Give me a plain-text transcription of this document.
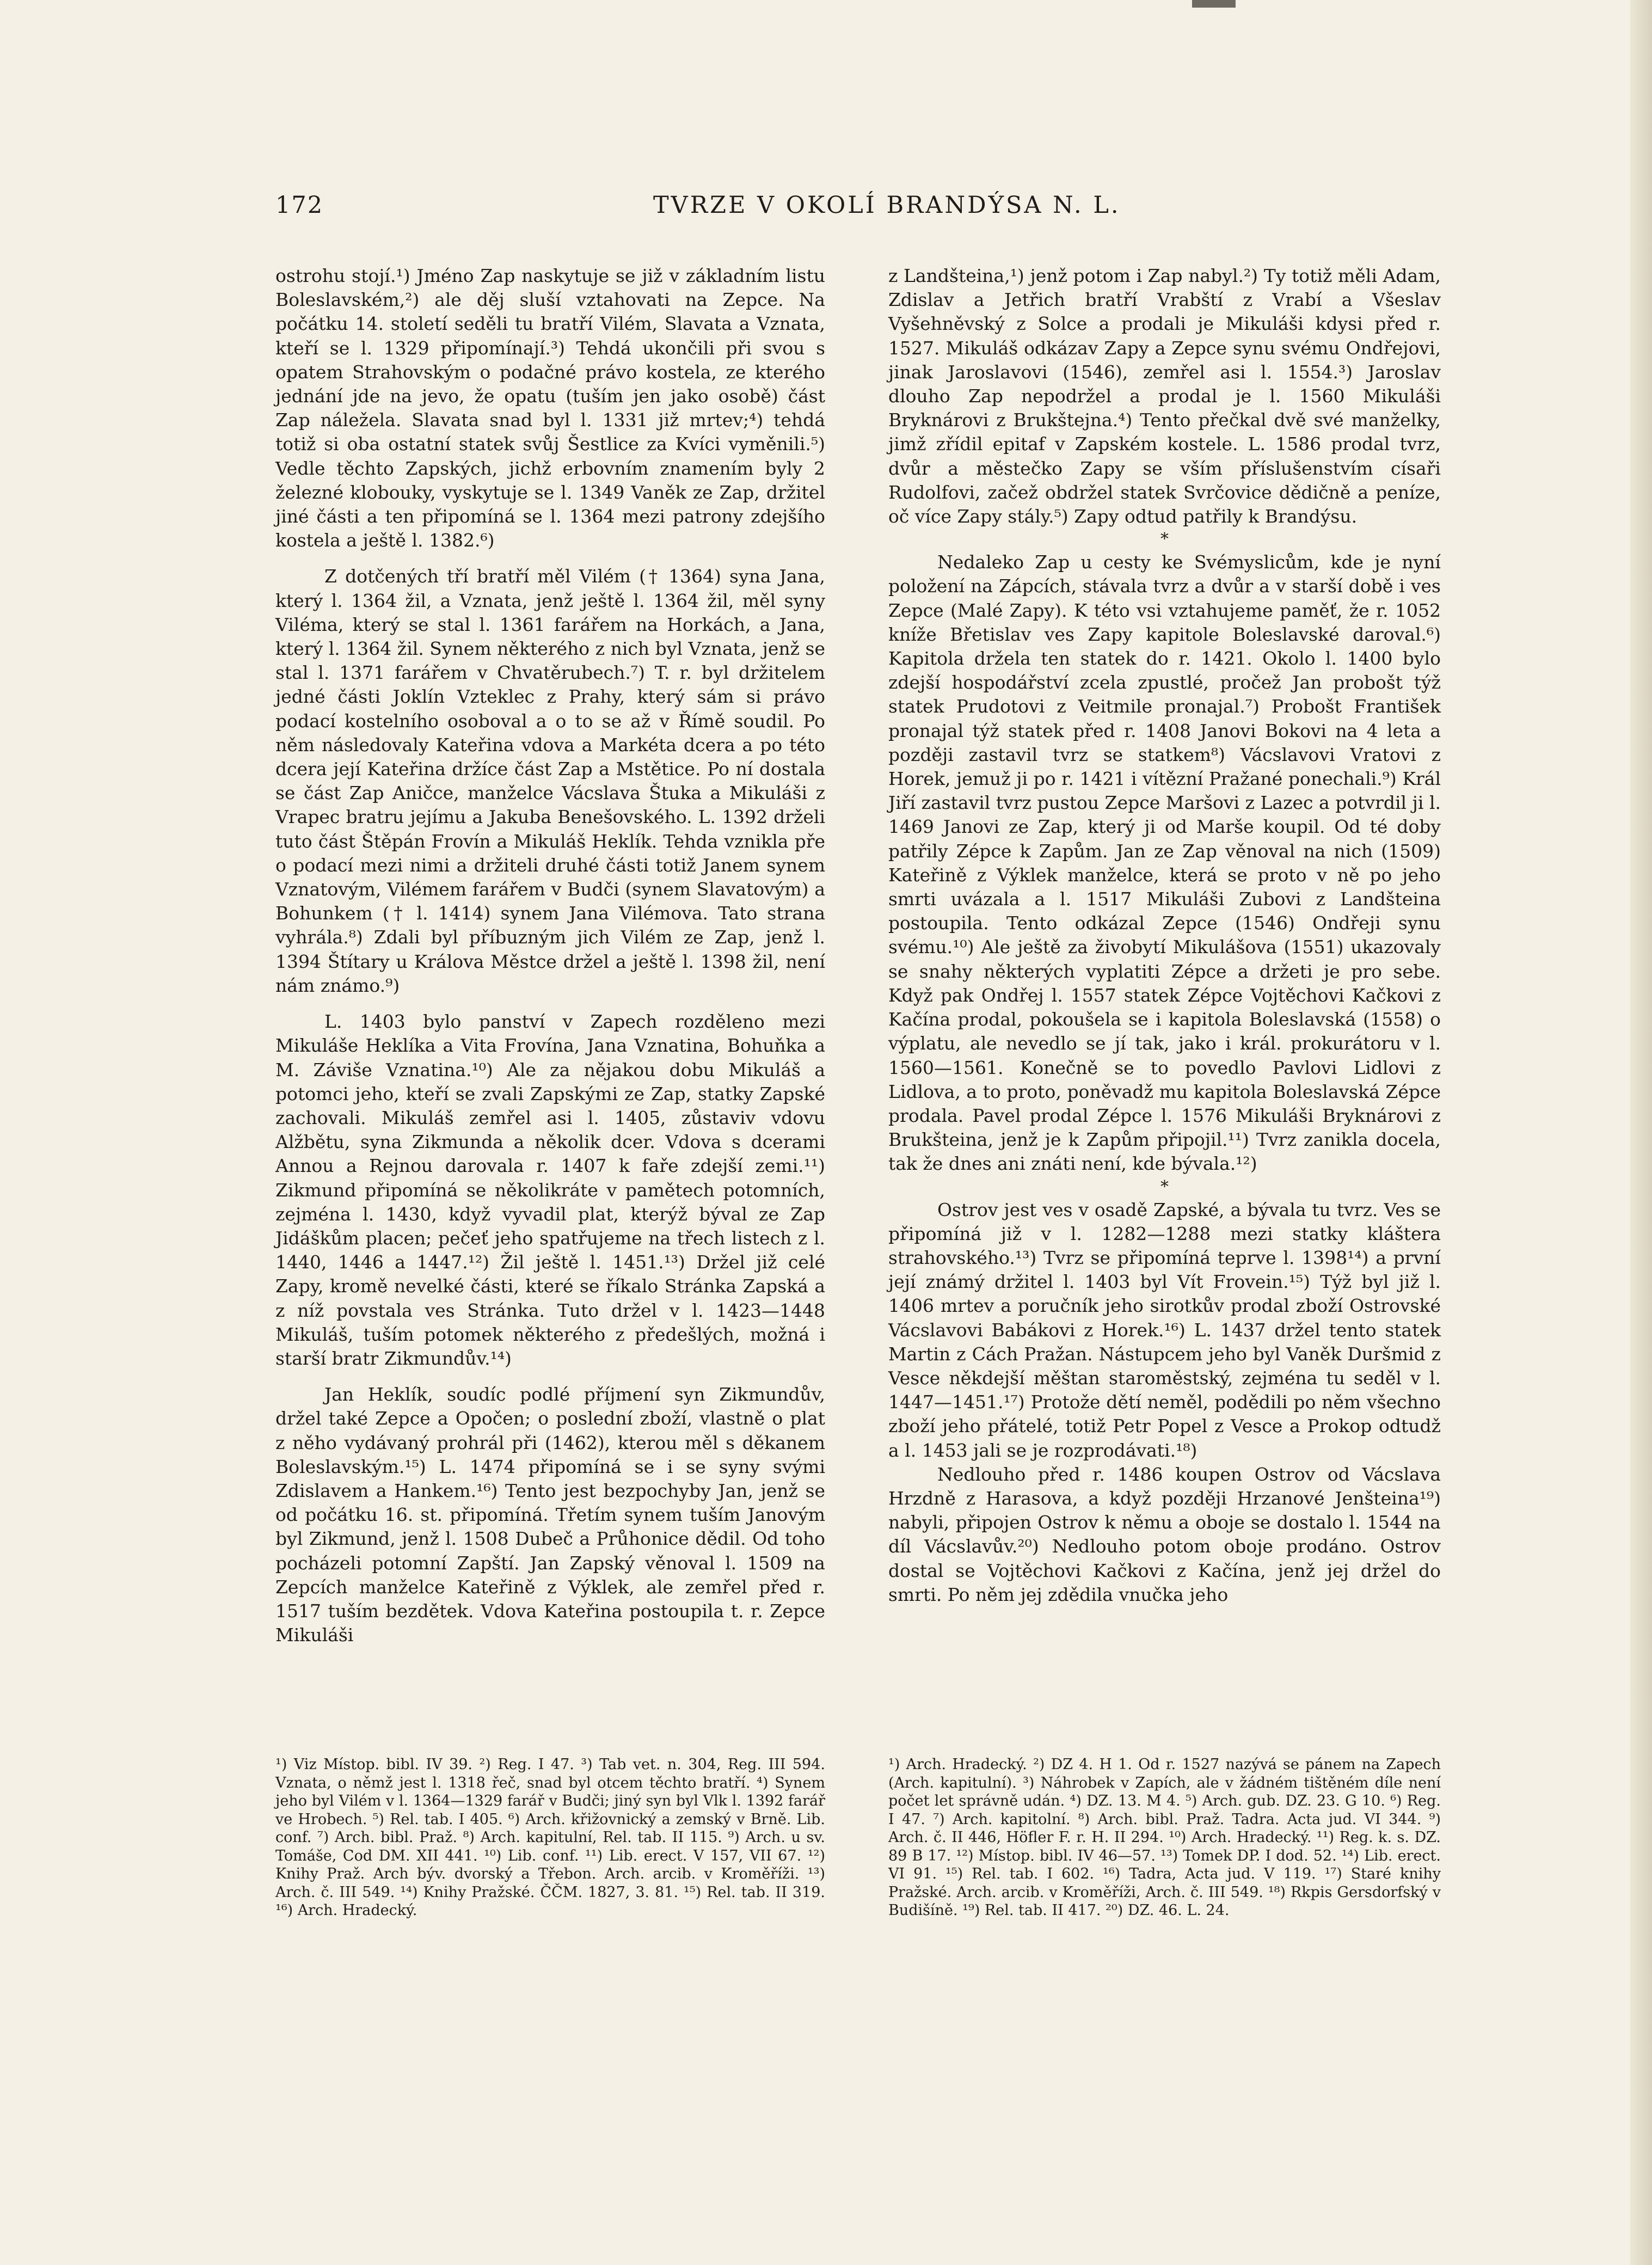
172	TVRZE V OKOLÍ BRANDÝSA N. L.

ostrohu stojí.¹) Jméno Zap naskytuje se již v základním listu Boleslavském,²) ale děj sluší vztahovati na Zepce. Na počátku 14. století seděli tu bratří Vilém, Slavata a Vznata, kteří se l. 1329 připomínají.³) Tehdá ukončili při svou s opatem Strahovským o podačné právo kostela, ze kterého jednání jde na jevo, že opatu (tuším jen jako osobě) část Zap náležela. Slavata snad byl l. 1331 již mrtev;⁴) tehdá totiž si oba ostatní statek svůj Šestlice za Kvíci vyměnili.⁵) Vedle těchto Zapských, jichž erbovním znamením byly 2 železné klobouky, vyskytuje se l. 1349 Vaněk ze Zap, držitel jiné části a ten připomíná se l. 1364 mezi patrony zdejšího kostela a ještě l. 1382.⁶)

Z dotčených tří bratří měl Vilém († 1364) syna Jana, který l. 1364 žil, a Vznata, jenž ještě l. 1364 žil, měl syny Viléma, který se stal l. 1361 farářem na Horkách, a Jana, který l. 1364 žil. Synem některého z nich byl Vznata, jenž se stal l. 1371 farářem v Chvatěrubech.⁷) T. r. byl držitelem jedné části Joklín Vzteklec z Prahy, který sám si právo podací kostelního osoboval a o to se až v Římě soudil. Po něm následovaly Kateřina vdova a Markéta dcera a po této dcera její Kateřina držíce část Zap a Mstětice. Po ní dostala se část Zap Aničce, manželce Vácslava Štuka a Mikuláši z Vrapec bratru jejímu a Jakuba Benešovského. L. 1392 drželi tuto část Štěpán Frovín a Mikuláš Heklík. Tehda vznikla pře o podací mezi nimi a držiteli druhé části totiž Janem synem Vznatovým, Vilémem farářem v Budči (synem Slavatovým) a Bohunkem († l. 1414) synem Jana Vilémova. Tato strana vyhrála.⁸) Zdali byl příbuzným jich Vilém ze Zap, jenž l. 1394 Štítary u Králova Městce držel a ještě l. 1398 žil, není nám známo.⁹)

L. 1403 bylo panství v Zapech rozděleno mezi Mikuláše Heklíka a Vita Frovína, Jana Vznatina, Bohuňka a M. Záviše Vznatina.¹⁰) Ale za nějakou dobu Mikuláš a potomci jeho, kteří se zvali Zapskými ze Zap, statky Zapské zachovali. Mikuláš zemřel asi l. 1405, zůstaviv vdovu Alžbětu, syna Zikmunda a několik dcer. Vdova s dcerami Annou a Rejnou darovala r. 1407 k faře zdejší zemi.¹¹) Zikmund připomíná se několikráte v pamětech potomních, zejména l. 1430, když vyvadil plat, kterýž býval ze Zap Jidáškům placen; pečeť jeho spatřujeme na třech listech z l. 1440, 1446 a 1447.¹²) Žil ještě l. 1451.¹³) Držel již celé Zapy, kromě nevelké části, které se říkalo Stránka Zapská a z níž povstala ves Stránka. Tuto držel v l. 1423—1448 Mikuláš, tuším potomek některého z předešlých, možná i starší bratr Zikmundův.¹⁴)

Jan Heklík, soudíc podlé příjmení syn Zikmundův, držel také Zepce a Opočen; o poslední zboží, vlastně o plat z něho vydávaný prohrál při (1462), kterou měl s děkanem Boleslavským.¹⁵) L. 1474 připomíná se i se syny svými Zdislavem a Hankem.¹⁶) Tento jest bezpochyby Jan, jenž se od počátku 16. st. připomíná. Třetím synem tuším Janovým byl Zikmund, jenž l. 1508 Dubeč a Průhonice dědil. Od toho pocházeli potomní Zapští. Jan Zapský věnoval l. 1509 na Zepcích manželce Kateřině z Výklek, ale zemřel před r. 1517 tuším bezdětek. Vdova Kateřina postoupila t. r. Zepce Mikuláši

z Landšteina,¹) jenž potom i Zap nabyl.²) Ty totiž měli Adam, Zdislav a Jetřich bratří Vrabští z Vrabí a Všeslav Vyšehněvský z Solce a prodali je Mikuláši kdysi před r. 1527. Mikuláš odkázav Zapy a Zepce synu svému Ondřejovi, jinak Jaroslavovi (1546), zemřel asi l. 1554.³) Jaroslav dlouho Zap nepodržel a prodal je l. 1560 Mikuláši Bryknárovi z Brukštejna.⁴) Tento přečkal dvě své manželky, jimž zřídil epitaf v Zapském kostele. L. 1586 prodal tvrz, dvůr a městečko Zapy se vším příslušenstvím císaři Rudolfovi, začež obdržel statek Svrčovice dědičně a peníze, oč více Zapy stály.⁵) Zapy odtud patřily k Brandýsu.

*

Nedaleko Zap u cesty ke Svémyslicům, kde je nyní položení na Zápcích, stávala tvrz a dvůr a v starší době i ves Zepce (Malé Zapy). K této vsi vztahujeme paměť, že r. 1052 kníže Břetislav ves Zapy kapitole Boleslavské daroval.⁶) Kapitola držela ten statek do r. 1421. Okolo l. 1400 bylo zdejší hospodářství zcela zpustlé, pročež Jan probošt týž statek Prudotovi z Veitmile pronajal.⁷) Probošt František pronajal týž statek před r. 1408 Janovi Bokovi na 4 leta a později zastavil tvrz se statkem⁸) Vácslavovi Vratovi z Horek, jemuž ji po r. 1421 i vítězní Pražané ponechali.⁹) Král Jiří zastavil tvrz pustou Zepce Maršovi z Lazec a potvrdil ji l. 1469 Janovi ze Zap, který ji od Marše koupil. Od té doby patřily Zépce k Zapům. Jan ze Zap věnoval na nich (1509) Kateřině z Výklek manželce, která se proto v ně po jeho smrti uvázala a l. 1517 Mikuláši Zubovi z Landšteina postoupila. Tento odkázal Zepce (1546) Ondřeji synu svému.¹⁰) Ale ještě za živobytí Mikulášova (1551) ukazovaly se snahy některých vyplatiti Zépce a držeti je pro sebe. Když pak Ondřej l. 1557 statek Zépce Vojtěchovi Kačkovi z Kačína prodal, pokoušela se i kapitola Boleslavská (1558) o výplatu, ale nevedlo se jí tak, jako i král. prokurátoru v l. 1560—1561. Konečně se to povedlo Pavlovi Lidlovi z Lidlova, a to proto, poněvadž mu kapitola Boleslavská Zépce prodala. Pavel prodal Zépce l. 1576 Mikuláši Bryknárovi z Brukšteina, jenž je k Zapům připojil.¹¹) Tvrz zanikla docela, tak že dnes ani znáti není, kde bývala.¹²)

*

Ostrov jest ves v osadě Zapské, a bývala tu tvrz. Ves se připomíná již v l. 1282—1288 mezi statky kláštera strahovského.¹³) Tvrz se připomíná teprve l. 1398¹⁴) a první její známý držitel l. 1403 byl Vít Frovein.¹⁵) Týž byl již l. 1406 mrtev a poručník jeho sirotkův prodal zboží Ostrovské Vácslavovi Babákovi z Horek.¹⁶) L. 1437 držel tento statek Martin z Cách Pražan. Nástupcem jeho byl Vaněk Duršmid z Vesce někdejší měštan staroměstský, zejména tu seděl v l. 1447—1451.¹⁷) Protože dětí neměl, podědili po něm všechno zboží jeho přátelé, totiž Petr Popel z Vesce a Prokop odtudž a l. 1453 jali se je rozprodávati.¹⁸)

Nedlouho před r. 1486 koupen Ostrov od Vácslava Hrzdně z Harasova, a když později Hrzanové Jenšteina¹⁹) nabyli, připojen Ostrov k němu a oboje se dostalo l. 1544 na díl Vácslavův.²⁰) Nedlouho potom oboje prodáno. Ostrov dostal se Vojtěchovi Kačkovi z Kačína, jenž jej držel do smrti. Po něm jej zdědila vnučka jeho

¹) Viz Místop. bibl. IV 39. ²) Reg. I 47. ³) Tab vet. n. 304, Reg. III 594. Vznata, o němž jest l. 1318 řeč, snad byl otcem těchto bratří. ⁴) Synem jeho byl Vilém v l. 1364—1329 farář v Budči; jiný syn byl Vlk l. 1392 farář ve Hrobech. ⁵) Rel. tab. I 405. ⁶) Arch. křižovnický a zemský v Brně. Lib. conf. ⁷) Arch. bibl. Praž. ⁸) Arch. kapitulní, Rel. tab. II 115. ⁹) Arch. u sv. Tomáše, Cod DM. XII 441. ¹⁰) Lib. conf. ¹¹) Lib. erect. V 157, VII 67. ¹²) Knihy Praž. Arch býv. dvorský a Třebon. Arch. arcib. v Kroměříži. ¹³) Arch. č. III 549. ¹⁴) Knihy Pražské. ČČM. 1827, 3. 81. ¹⁵) Rel. tab. II 319. ¹⁶) Arch. Hradecký.
¹) Arch. Hradecký. ²) DZ 4. H 1. Od r. 1527 nazývá se pánem na Zapech (Arch. kapitulní). ³) Náhrobek v Zapích, ale v žádném tištěném díle není počet let správně udán. ⁴) DZ. 13. M 4. ⁵) Arch. gub. DZ. 23. G 10. ⁶) Reg. I 47. ⁷) Arch. kapitolní. ⁸) Arch. bibl. Praž. Tadra. Acta jud. VI 344. ⁹) Arch. č. II 446, Höfler F. r. H. II 294. ¹⁰) Arch. Hradecký. ¹¹) Reg. k. s. DZ. 89 B 17. ¹²) Místop. bibl. IV 46—57. ¹³) Tomek DP. I dod. 52. ¹⁴) Lib. erect. VI 91. ¹⁵) Rel. tab. I 602. ¹⁶) Tadra, Acta jud. V 119. ¹⁷) Staré knihy Pražské. Arch. arcib. v Kroměříži, Arch. č. III 549. ¹⁸) Rkpis Gersdorfský v Budišíně. ¹⁹) Rel. tab. II 417. ²⁰) DZ. 46. L. 24.
